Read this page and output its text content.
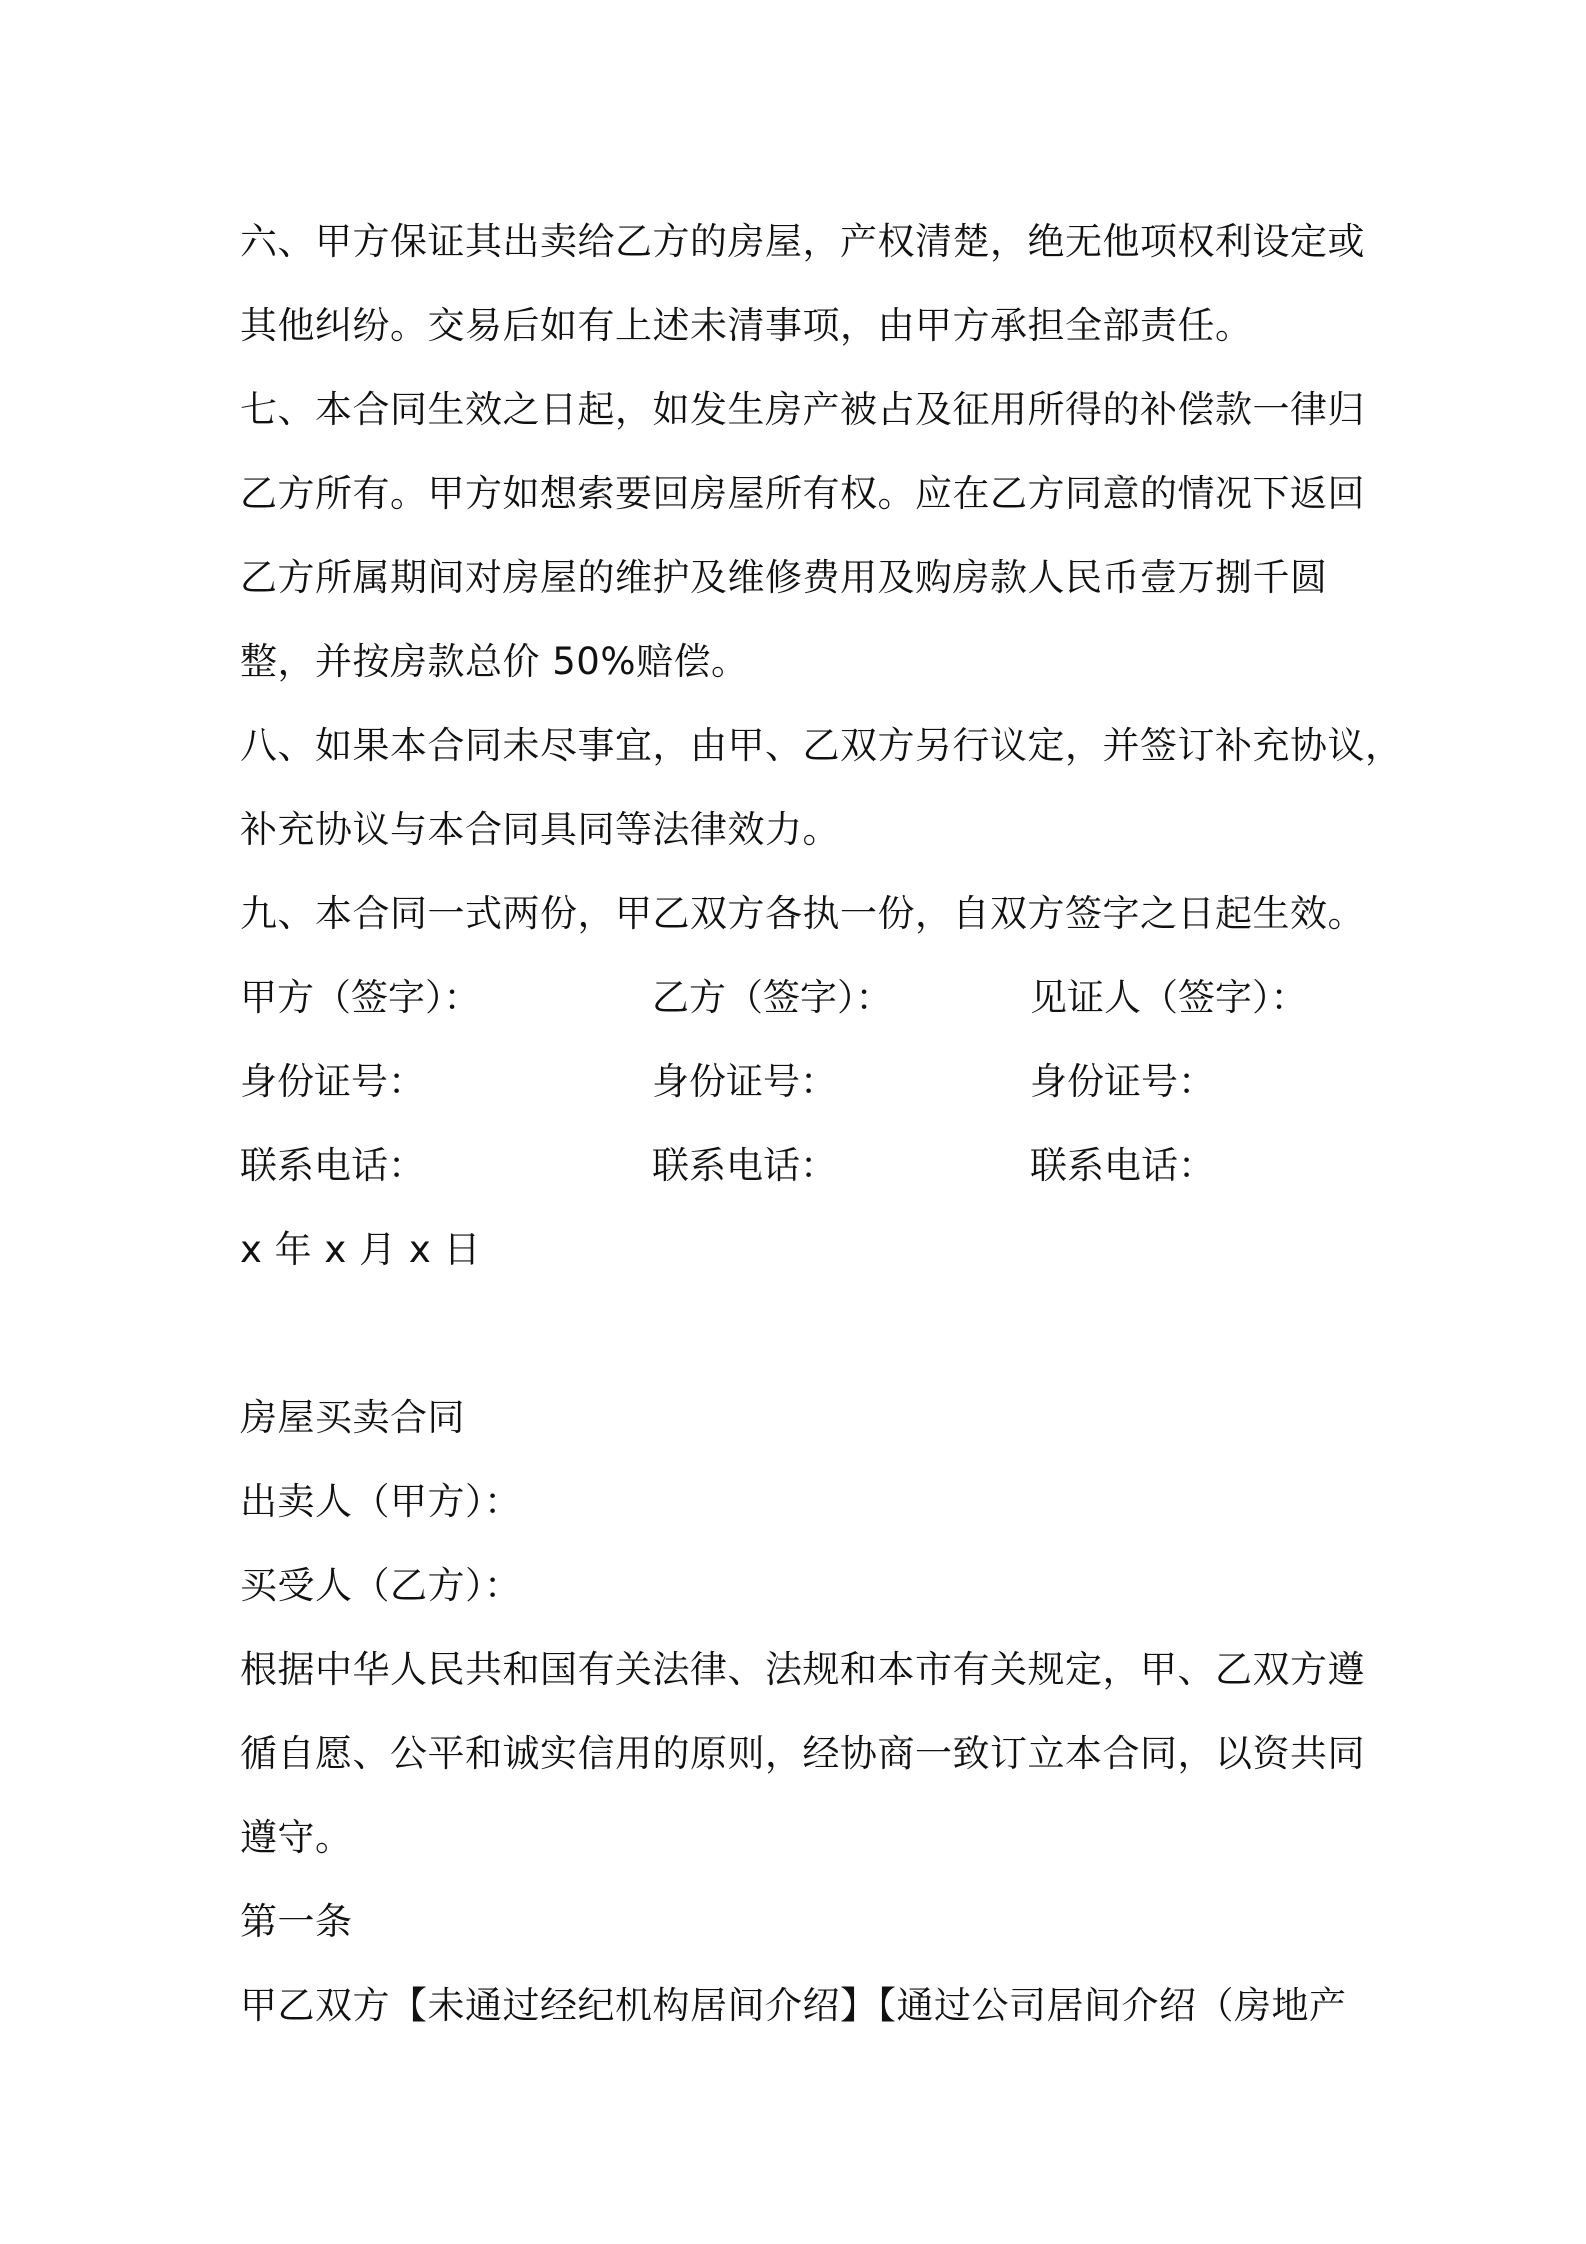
六、甲方保证其出卖给乙方的房屋，产权清楚，绝无他项权利设定或
其他纠纷。交易后如有上述未清事项，由甲方承担全部责任。
七、本合同生效之日起，如发生房产被占及征用所得的补偿款一律归
乙方所有。甲方如想索要回房屋所有权。应在乙方同意的情况下返回
乙方所属期间对房屋的维护及维修费用及购房款人民币壹万捌千圆
整，并按房款总价 50%赔偿。
八、如果本合同未尽事宜，由甲、乙双方另行议定，并签订补充协议，
补充协议与本合同具同等法律效力。
九、本合同一式两份，甲乙双方各执一份，自双方签字之日起生效。
甲方（签字）：	乙方（签字）：	见证人（签字）：
身份证号：	身份证号：	身份证号：
联系电话：	联系电话：	联系电话：
x 年 x 月 x 日
房屋买卖合同
出卖人（甲方）：
买受人（乙方）：
根据中华人民共和国有关法律、法规和本市有关规定，甲、乙双方遵
循自愿、公平和诚实信用的原则，经协商一致订立本合同，以资共同
遵守。
第一条
甲乙双方【未通过经纪机构居间介绍】【通过公司居间介绍（房地产
